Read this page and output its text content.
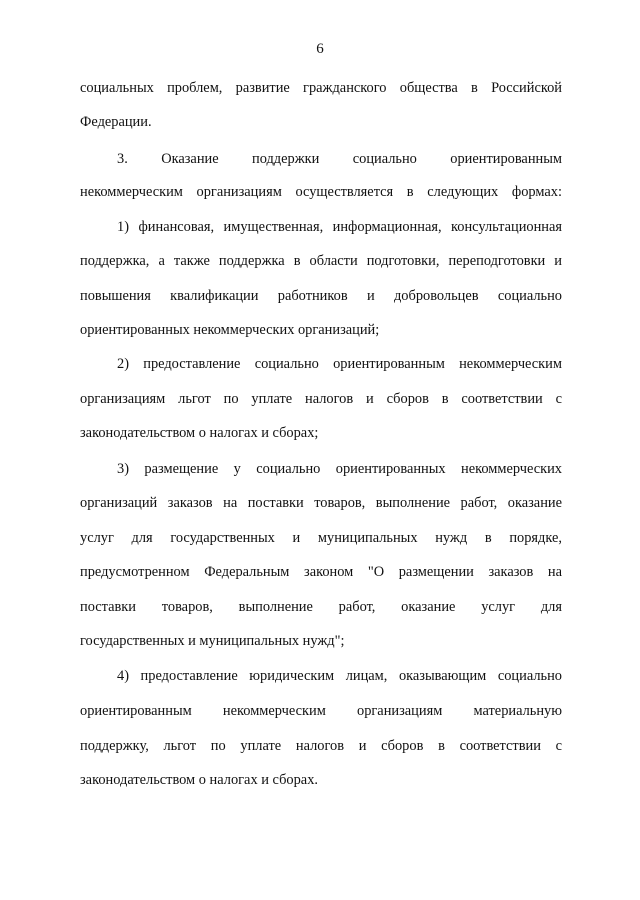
6
социальных проблем, развитие гражданского общества в Российской
Федерации.
3. Оказание поддержки социально ориентированным
некоммерческим организациям осуществляется в следующих формах:
1) финансовая, имущественная, информационная, консультационная
поддержка, а также поддержка в области подготовки, переподготовки и
повышения квалификации работников и добровольцев социально
ориентированных некоммерческих организаций;
2) предоставление социально ориентированным некоммерческим
организациям льгот по уплате налогов и сборов в соответствии с
законодательством о налогах и сборах;
3) размещение у социально ориентированных некоммерческих
организаций заказов на поставки товаров, выполнение работ, оказание
услуг для государственных и муниципальных нужд в порядке,
предусмотренном Федеральным законом "О размещении заказов на
поставки товаров, выполнение работ, оказание услуг для
государственных и муниципальных нужд";
4) предоставление юридическим лицам, оказывающим социально
ориентированным некоммерческим организациям материальную
поддержку, льгот по уплате налогов и сборов в соответствии с
законодательством о налогах и сборах.
